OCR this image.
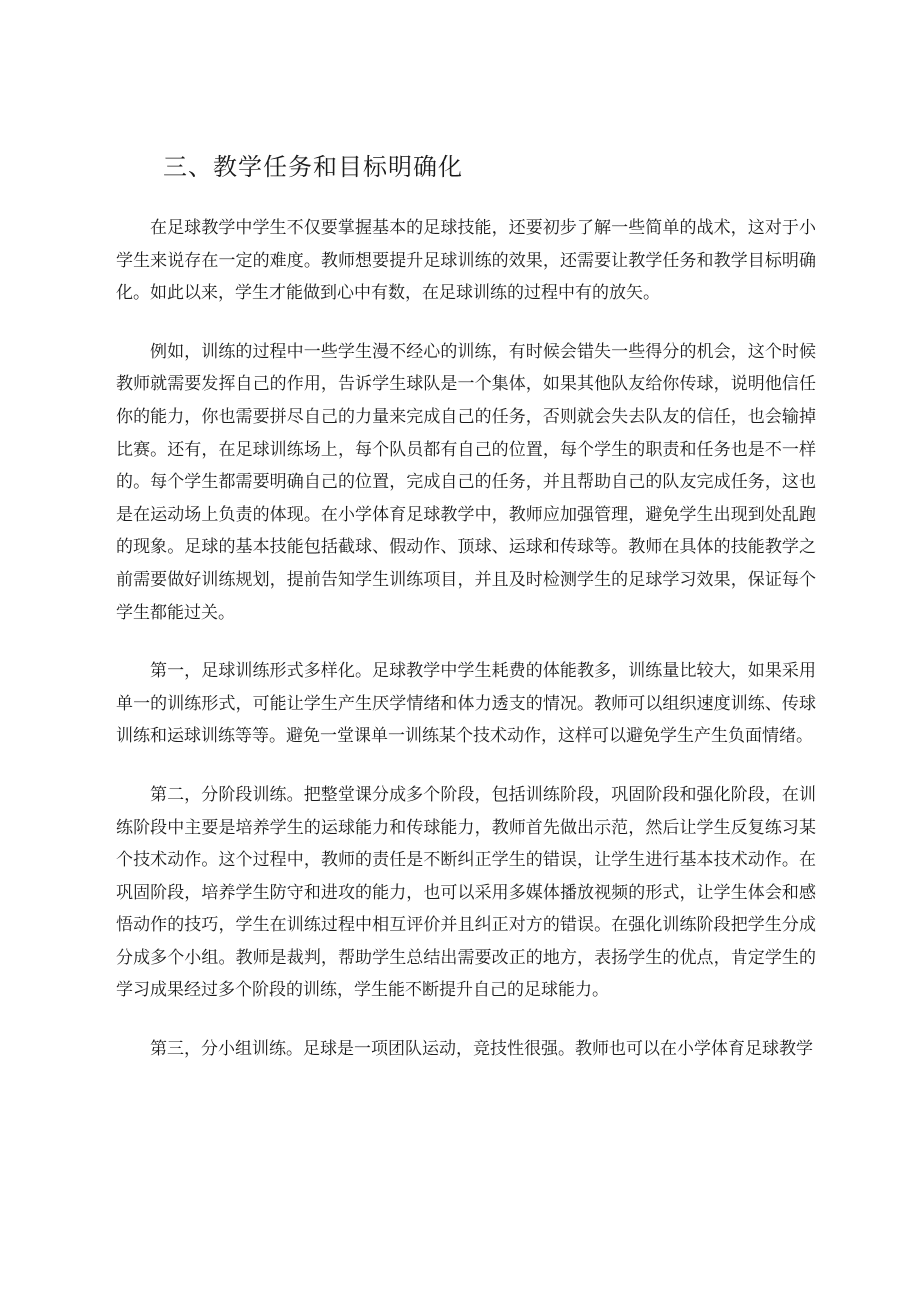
三、教学任务和目标明确化

在足球教学中学生不仅要掌握基本的足球技能，还要初步了解一些简单的战术，这对于小学生来说存在一定的难度。教师想要提升足球训练的效果，还需要让教学任务和教学目标明确化。如此以来，学生才能做到心中有数，在足球训练的过程中有的放矢。

例如，训练的过程中一些学生漫不经心的训练，有时候会错失一些得分的机会，这个时候教师就需要发挥自己的作用，告诉学生球队是一个集体，如果其他队友给你传球，说明他信任你的能力，你也需要拼尽自己的力量来完成自己的任务，否则就会失去队友的信任，也会输掉比赛。还有，在足球训练场上，每个队员都有自己的位置，每个学生的职责和任务也是不一样的。每个学生都需要明确自己的位置，完成自己的任务，并且帮助自己的队友完成任务，这也是在运动场上负责的体现。在小学体育足球教学中，教师应加强管理，避免学生出现到处乱跑的现象。足球的基本技能包括截球、假动作、顶球、运球和传球等。教师在具体的技能教学之前需要做好训练规划，提前告知学生训练项目，并且及时检测学生的足球学习效果，保证每个学生都能过关。

第一，足球训练形式多样化。足球教学中学生耗费的体能教多，训练量比较大，如果采用单一的训练形式，可能让学生产生厌学情绪和体力透支的情况。教师可以组织速度训练、传球训练和运球训练等等。避免一堂课单一训练某个技术动作，这样可以避免学生产生负面情绪。

第二，分阶段训练。把整堂课分成多个阶段，包括训练阶段，巩固阶段和强化阶段，在训练阶段中主要是培养学生的运球能力和传球能力，教师首先做出示范，然后让学生反复练习某个技术动作。这个过程中，教师的责任是不断纠正学生的错误，让学生进行基本技术动作。在巩固阶段，培养学生防守和进攻的能力，也可以采用多媒体播放视频的形式，让学生体会和感悟动作的技巧，学生在训练过程中相互评价并且纠正对方的错误。在强化训练阶段把学生分成分成多个小组。教师是裁判，帮助学生总结出需要改正的地方，表扬学生的优点，肯定学生的学习成果经过多个阶段的训练，学生能不断提升自己的足球能力。

第三，分小组训练。足球是一项团队运动，竞技性很强。教师也可以在小学体育足球教学
